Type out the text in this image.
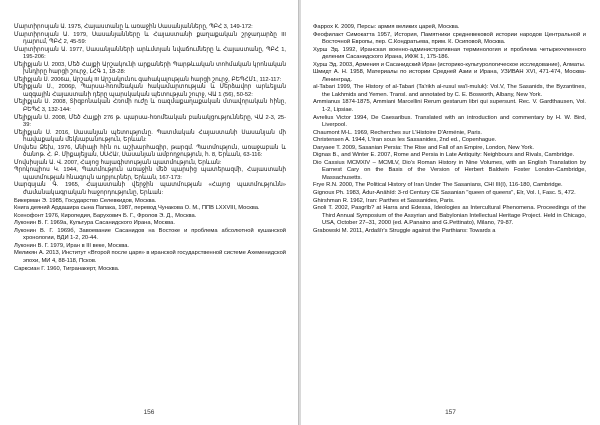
Մարտիրոսյան Ա. 1975, Հայաստանը և առաջին Սասանյանները, ՊԲՀ 3, 149-172:
Մարտիրոսյան Ա. 1979, Սասանյանները և Հայաստանի քաղաքական շրջադարձը III դարում, ՊԲՀ 2, 45-59:
Մարտիրոսյան Ա. 1977, Սասանյանների արևմտյան նվաճումները և Հայաստանը, ՊԲՀ 1, 195-206:
Մելիքյան Ս. 2003, Մեծ Հայքի Արշակունի արքաների Պարթևական տոհմական կրոնական խնդիրը հարցի շուրջ, ԼՀԳ 1, 18-28:
Մելիքյան Ս. 2006ա, Արշակ III Արշակունու գահակալության հարցի շուրջ, ԲԵՊՀՄ1, 112-117:
Մելիքյան Ս., 2006բ, Պարսա-հռոմեական հակամարտության և Մերձավոր արևելյան ազգային Հայաստանի դերը պարսկական պետության շուրջ, ՎԱ 1 (56), 50-52:
Մելիքյան Ս. 2008, Տիզբոնական Հռոմի ուժը և ռազմաքաղաքական մտավորական հինը, ԲԵՊՀ 3, 132-144:
Մելիքյան Ս. 2008, Մեծ Հայքի 276 թ. պարսա-հռոմեական բանակցությունները, ՎԱ 2-3, 25-39:
Մելիքյան Ս. 2016, Սասանյան պետությունը. Պատմական Հայաստանի Սասանյան մի հավաքական մեկնաբանություն, Երևան:
Մովսես Ձեխ, 1976, Անիայի հին ու աշխարհագիր, թարգմ. Պատմություն, առաջաբան և ծանոթ. Հ. Բ. Միքայելյան, ՍՍՀԱ/, Սասանյան ամբողջություն, հ. 8, Երևան, 63-116:
Մովսիսյան Ա. Վ. 2007, Հայոց հայագիտության պատմություն, Երևան:
Պրոկոպիոս Կ. 1944, Պատմություն առաջին մեծ պարսից պատերազմի, Հայաստանի պատմության հնագույն աղբյուրներ, Երևան, 167-173:
Սարգսյան Գ. 1965, Հայաստանի վերջին պատմության «Հայոց պատմությունն» ժամանակագրական հաջորդությունը, Երևան:
Бикерман Э. 1985, Государство Селевкидов, Москва.
Книга деяний Ардашира сына Папака, 1987, перевод Чунакова О. М., ППВ LXXVIII, Москва.
Ксенофонт 1976, Киропедия, Барухович Б. Г., Фролов Э. Д., Москва.
Луконин В. Г. 1969а, Культура Сасанидского Ирана, Москва.
Луконин В. Г. 1969б, Завоевание Сасанидов на Востоке и проблема абсолютной кушанской хронологии, ВДИ 1-2, 20-44.
Луконин В. Г. 1979, Иран в III веке, Москва.
Меликян А. 2013, Институт «Второй после царя» в иранской государственной системе Ахеменидской эпохи, МИ 4, 88-118, Псков.
Сарксиан Г. 1960, Тигранакерт, Москва.
156
Фаррох К. 2009, Персы: армия великих царей, Москва.
Феофилакт Симокатта 1957, История, Памятники средневековой истории народов Центральной и Восточной Европы, пер. С.Кондратьева, прим. К. Осиповой, Москва.
Хурш Эд. 1992, Иранская военно-административная терминология и проблема четырехчленного деления Сасанидского Ирана, ИФЖ 1, 175-186.
Хурш Эд. 2003, Армения и Сасанидский Иран (историко-культурологическое исследование), Алматы.
Шмидт А. Н. 1958, Материалы по истории Средней Азии и Ирана, УЗИВАН XVI, 471-474, Москва-Ленинград.
al-Tabari 1999, The History of al-Tabari (Ta'rikh al-rusul wa'l-muluk): Vol.V, The Sasanids, the Byzantines, the Lakhmids and Yemen. Transl. and annotated by C. E. Bosworth, Albany, New York.
Ammianus 1874-1875, Ammiani Marcellini Rerum gestarum libri qui supersunt. Rec. V. Gardthausen, Vol. 1-2, Lipsiae.
Avrelius Victor 1994, De Caesaribus. Translated with an introduction and commentary by H. W. Bird, Liverpool.
Chaumont M-L. 1969, Recherches sur L'Histoire D'Arménie, Paris.
Christensen A. 1944, L'Iran sous les Sassanides, 2nd ed., Copenhague.
Daryaee T. 2009, Sasanian Persia: The Rise and Fall of an Empire, London, New York.
Dignas B., and Winter E. 2007, Rome and Persia in Late Antiquity: Neighbours and Rivals, Cambridge.
Dio Cassius MCMXIV – MCMLV, Dio's Roman History in Nine Volumes, with an English Translation by Earnest Cary on the Basis of the Version of Herbert Baldwin Foster London-Cambridge, Massachusetts.
Frye R.N. 2000, The Political History of Iran Under The Sasanians, CHI III(I), 116-180, Cambridge.
Gignoux Ph. 1983, Ādur-Anāhīd: 3-rd Century CE Sasanian "queen of queens", Elr, Vol. I, Fasc. 5, 472.
Ghirshman R. 1962, Iran: Parthes et Sassanides, Paris.
Gnoli T. 2002, Pasgrīb? at Harra and Edessa, Ideologies as Intercultural Phenomena. Proceedings of the Third Annual Symposium of the Assyrian and Babylonian Intellectual Heritage Project. Held in Chicago, USA, October 27–31, 2000 (ed. A.Panaino and G.Pettinato), Milano, 79-87.
Grabowski M. 2011, Ardašīr's Struggle against the Parthians: Towards a
157
